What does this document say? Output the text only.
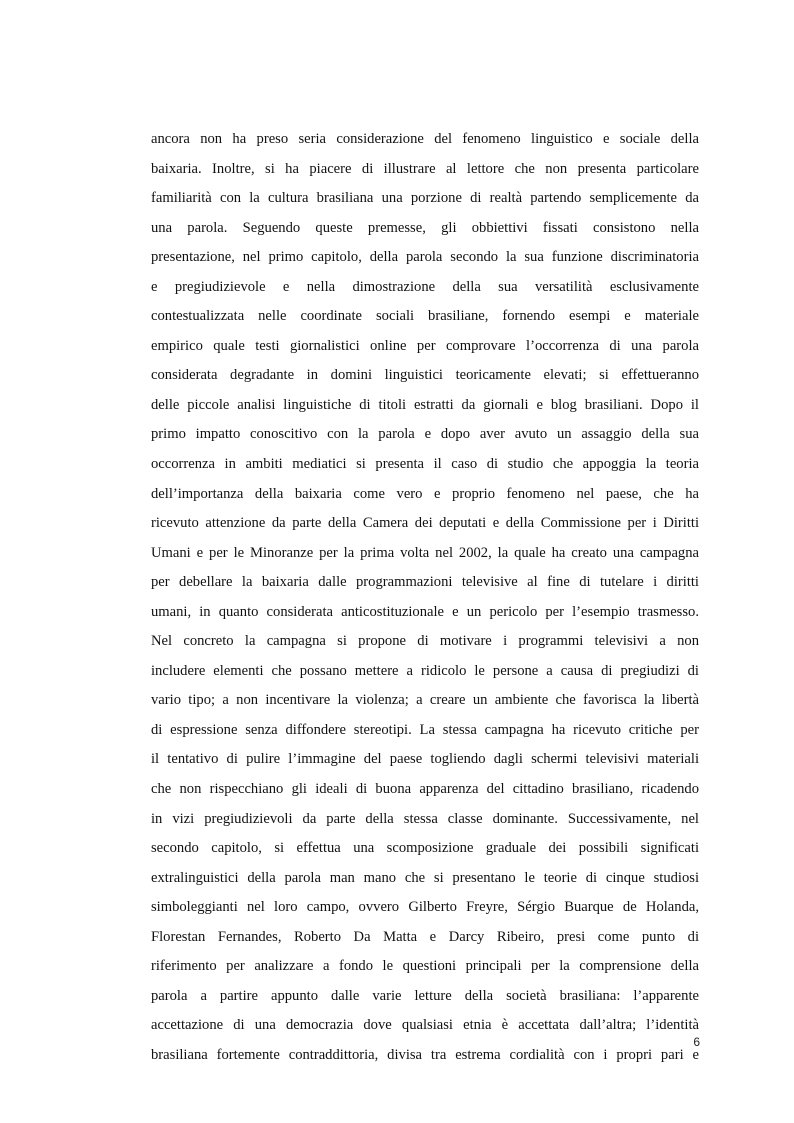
ancora non ha preso seria considerazione del fenomeno linguistico e sociale della
baixaria. Inoltre, si ha piacere di illustrare al lettore che non presenta particolare
familiarità con la cultura brasiliana una porzione di realtà partendo semplicemente da
una parola. Seguendo queste premesse, gli obbiettivi fissati consistono nella
presentazione, nel primo capitolo, della parola secondo la sua funzione discriminatoria
e pregiudizievole e nella dimostrazione della sua versatilità esclusivamente
contestualizzata nelle coordinate sociali brasiliane, fornendo esempi e materiale
empirico quale testi giornalistici online per comprovare l’occorrenza di una parola
considerata degradante in domini linguistici teoricamente elevati; si effettueranno
delle piccole analisi linguistiche di titoli estratti da giornali e blog brasiliani. Dopo il
primo impatto conoscitivo con la parola e dopo aver avuto un assaggio della sua
occorrenza in ambiti mediatici si presenta il caso di studio che appoggia la teoria
dell’importanza della baixaria come vero e proprio fenomeno nel paese, che ha
ricevuto attenzione da parte della Camera dei deputati e della Commissione per i Diritti
Umani e per le Minoranze per la prima volta nel 2002, la quale ha creato una campagna
per debellare la baixaria dalle programmazioni televisive al fine di tutelare i diritti
umani, in quanto considerata anticostituzionale e un pericolo per l’esempio trasmesso.
Nel concreto la campagna si propone di motivare i programmi televisivi a non
includere elementi che possano mettere a ridicolo le persone a causa di pregiudizi di
vario tipo; a non incentivare la violenza; a creare un ambiente che favorisca la libertà
di espressione senza diffondere stereotipi. La stessa campagna ha ricevuto critiche per
il tentativo di pulire l’immagine del paese togliendo dagli schermi televisivi materiali
che non rispecchiano gli ideali di buona apparenza del cittadino brasiliano, ricadendo
in vizi pregiudizievoli da parte della stessa classe dominante. Successivamente, nel
secondo capitolo, si effettua una scomposizione graduale dei possibili significati
extralinguistici della parola man mano che si presentano le teorie di cinque studiosi
simboleggianti nel loro campo, ovvero Gilberto Freyre, Sérgio Buarque de Holanda,
Florestan Fernandes, Roberto Da Matta e Darcy Ribeiro, presi come punto di
riferimento per analizzare a fondo le questioni principali per la comprensione della
parola a partire appunto dalle varie letture della società brasiliana: l’apparente
accettazione di una democrazia dove qualsiasi etnia è accettata dall’altra; l’identità
brasiliana fortemente contraddittoria, divisa tra estrema cordialità con i propri pari e
6
